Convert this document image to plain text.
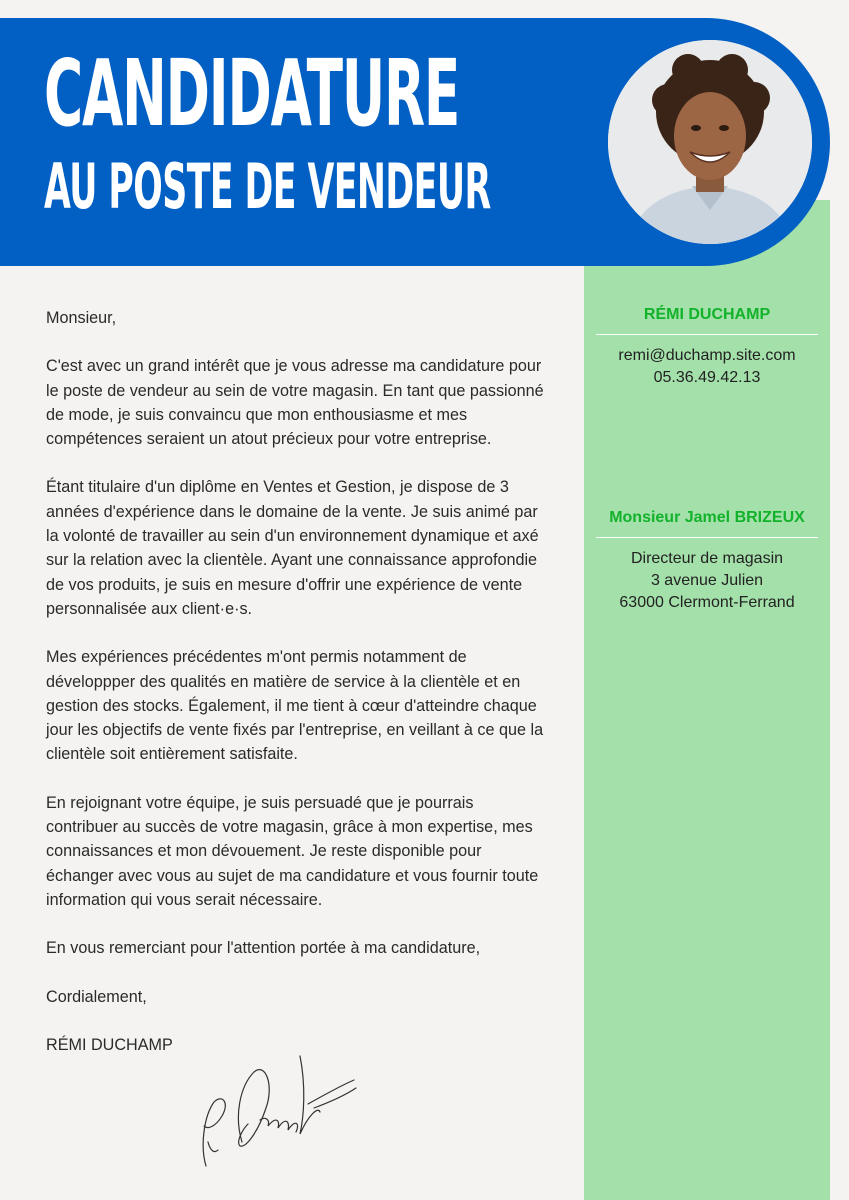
CANDIDATURE
AU POSTE DE VENDEUR

Monsieur,

C'est avec un grand intérêt que je vous adresse ma candidature pour le poste de vendeur au sein de votre magasin. En tant que passionné de mode, je suis convaincu que mon enthousiasme et mes compétences seraient un atout précieux pour votre entreprise.

Étant titulaire d'un diplôme en Ventes et Gestion, je dispose de 3 années d'expérience dans le domaine de la vente. Je suis animé par la volonté de travailler au sein d'un environnement dynamique et axé sur la relation avec la clientèle. Ayant une connaissance approfondie de vos produits, je suis en mesure d'offrir une expérience de vente personnalisée aux client·e·s.

Mes expériences précédentes m'ont permis notamment de développper des qualités en matière de service à la clientèle et en gestion des stocks. Également, il me tient à cœur d'atteindre chaque jour les objectifs de vente fixés par l'entreprise, en veillant à ce que la clientèle soit entièrement satisfaite.

En rejoignant votre équipe, je suis persuadé que je pourrais contribuer au succès de votre magasin, grâce à mon expertise, mes connaissances et mon dévouement. Je reste disponible pour échanger avec vous au sujet de ma candidature et vous fournir toute information qui vous serait nécessaire.

En vous remerciant pour l'attention portée à ma candidature,

Cordialement,

RÉMI DUCHAMP

RÉMI DUCHAMP
remi@duchamp.site.com
05.36.49.42.13
Monsieur Jamel BRIZEUX
Directeur de magasin
3 avenue Julien
63000 Clermont-Ferrand
